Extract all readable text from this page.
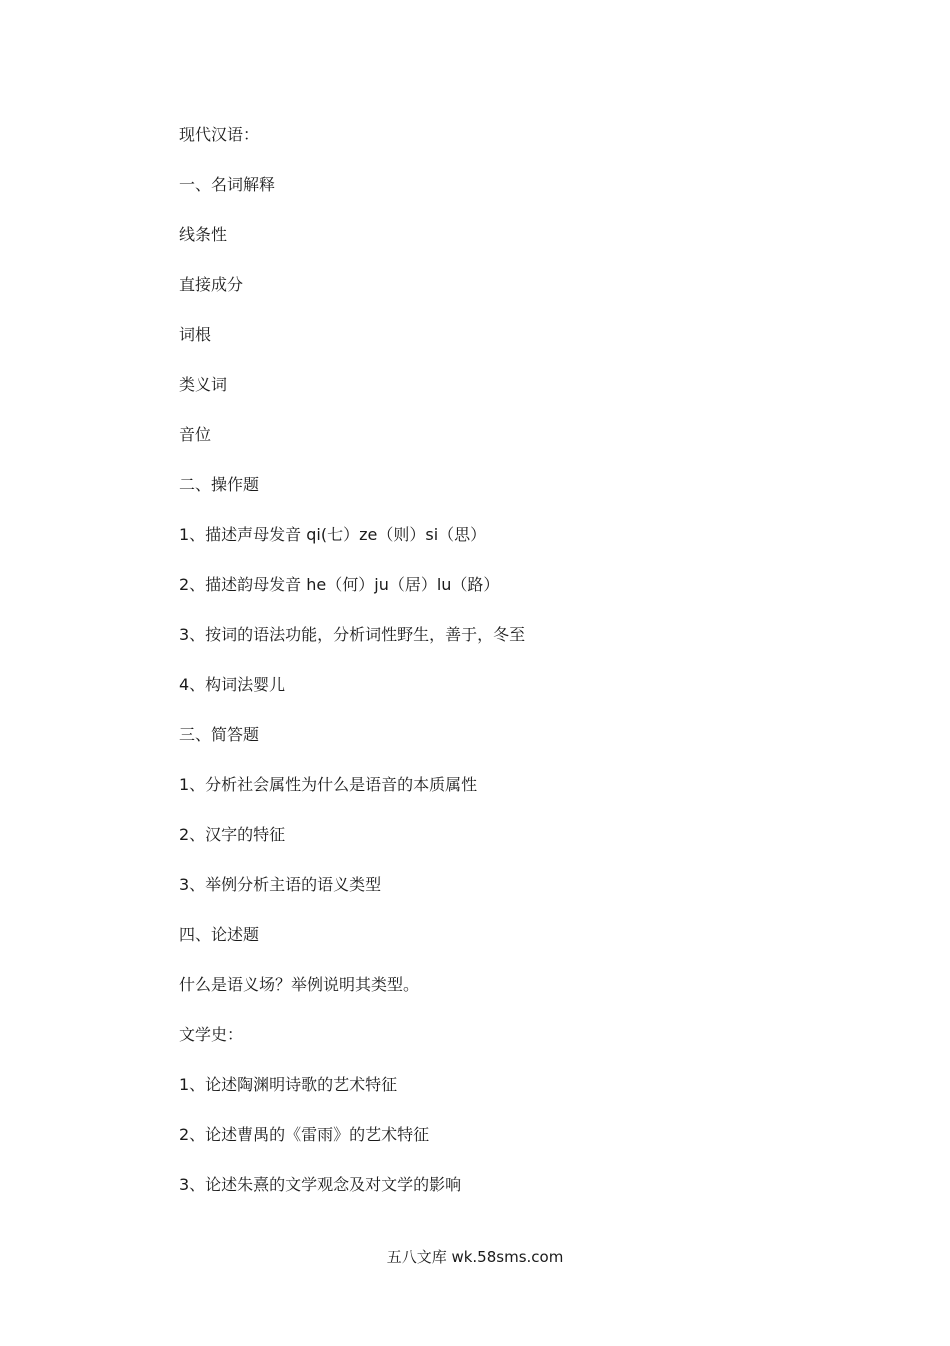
现代汉语：
一、名词解释
线条性
直接成分
词根
类义词
音位
二、操作题
1、描述声母发音 qi(七）ze（则）si（思）
2、描述韵母发音 he（何）ju（居）lu（路）
3、按词的语法功能，分析词性野生，善于，冬至
4、构词法婴儿
三、简答题
1、分析社会属性为什么是语音的本质属性
2、汉字的特征
3、举例分析主语的语义类型
四、论述题
什么是语义场？举例说明其类型。
文学史：
1、论述陶渊明诗歌的艺术特征
2、论述曹禺的《雷雨》的艺术特征
3、论述朱熹的文学观念及对文学的影响
五八文库 wk.58sms.com
